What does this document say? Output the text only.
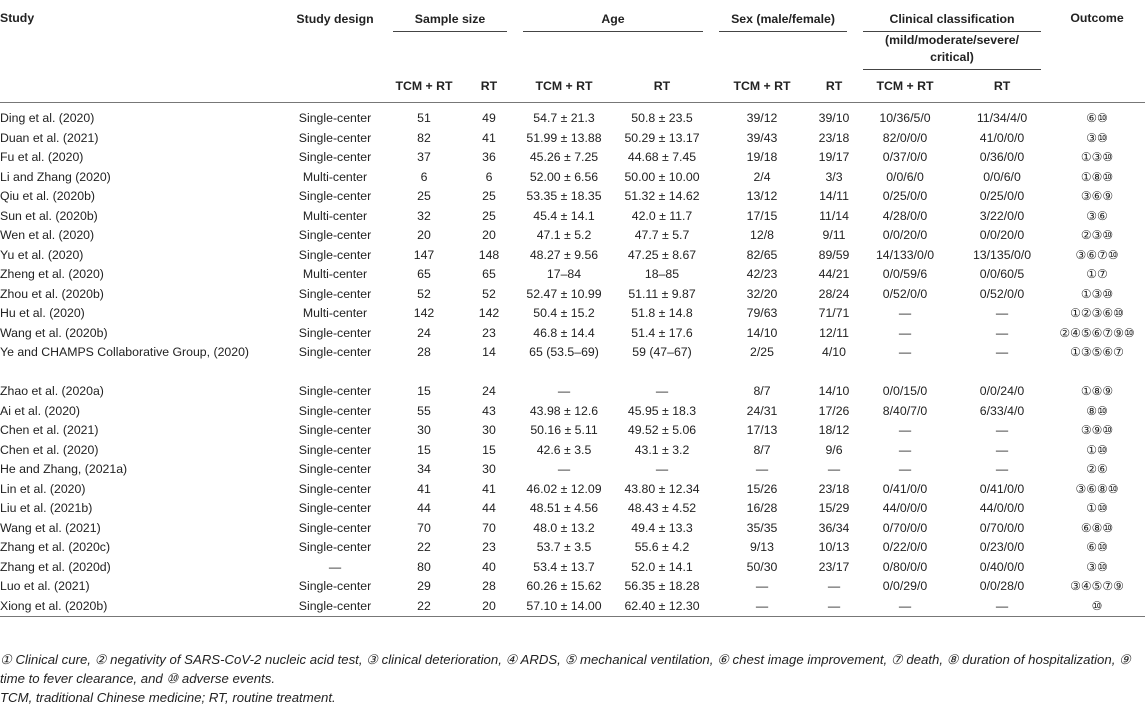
Study	Study design	Sample size		Age		Sex (male/female)		Clinical classification
(mild/moderate/severe/ critical)		Outcome
		TCM + RT	RT	TCM + RT	RT	TCM + RT	RT	TCM + RT	RT	
Ding et al. (2020)	Single-center	51	49	54.7 ± 21.3	50.8 ± 23.5	39/12	39/10	10/36/5/0	11/34/4/0	⑥⑩
Duan et al. (2021)	Single-center	82	41	51.99 ± 13.88	50.29 ± 13.17	39/43	23/18	82/0/0/0	41/0/0/0	③⑩
Fu et al. (2020)	Single-center	37	36	45.26 ± 7.25	44.68 ± 7.45	19/18	19/17	0/37/0/0	0/36/0/0	①③⑩
Li and Zhang (2020)	Multi-center	6	6	52.00 ± 6.56	50.00 ± 10.00	2/4	3/3	0/0/6/0	0/0/6/0	①⑧⑩
Qiu et al. (2020b)	Single-center	25	25	53.35 ± 18.35	51.32 ± 14.62	13/12	14/11	0/25/0/0	0/25/0/0	③⑥⑨
Sun et al. (2020b)	Multi-center	32	25	45.4 ± 14.1	42.0 ± 11.7	17/15	11/14	4/28/0/0	3/22/0/0	③⑥
Wen et al. (2020)	Single-center	20	20	47.1 ± 5.2	47.7 ± 5.7	12/8	9/11	0/0/20/0	0/0/20/0	②③⑩
Yu et al. (2020)	Single-center	147	148	48.27 ± 9.56	47.25 ± 8.67	82/65	89/59	14/133/0/0	13/135/0/0	③⑥⑦⑩
Zheng et al. (2020)	Multi-center	65	65	17–84	18–85	42/23	44/21	0/0/59/6	0/0/60/5	①⑦
Zhou et al. (2020b)	Single-center	52	52	52.47 ± 10.99	51.11 ± 9.87	32/20	28/24	0/52/0/0	0/52/0/0	①③⑩
Hu et al. (2020)	Multi-center	142	142	50.4 ± 15.2	51.8 ± 14.8	79/63	71/71	—	—	①②③⑥⑩
Wang et al. (2020b)	Single-center	24	23	46.8 ± 14.4	51.4 ± 17.6	14/10	12/11	—	—	②④⑤⑥⑦⑨⑩
Ye and CHAMPS Collaborative Group, (2020)	Single-center	28	14	65 (53.5–69)	59 (47–67)	2/25	4/10	—	—	①③⑤⑥⑦
Zhao et al. (2020a)	Single-center	15	24	—	—	8/7	14/10	0/0/15/0	0/0/24/0	①⑧⑨
Ai et al. (2020)	Single-center	55	43	43.98 ± 12.6	45.95 ± 18.3	24/31	17/26	8/40/7/0	6/33/4/0	⑧⑩
Chen et al. (2021)	Single-center	30	30	50.16 ± 5.11	49.52 ± 5.06	17/13	18/12	—	—	③⑨⑩
Chen et al. (2020)	Single-center	15	15	42.6 ± 3.5	43.1 ± 3.2	8/7	9/6	—	—	①⑩
He and Zhang, (2021a)	Single-center	34	30	—	—	—	—	—	—	②⑥
Lin et al. (2020)	Single-center	41	41	46.02 ± 12.09	43.80 ± 12.34	15/26	23/18	0/41/0/0	0/41/0/0	③⑥⑧⑩
Liu et al. (2021b)	Single-center	44	44	48.51 ± 4.56	48.43 ± 4.52	16/28	15/29	44/0/0/0	44/0/0/0	①⑩
Wang et al. (2021)	Single-center	70	70	48.0 ± 13.2	49.4 ± 13.3	35/35	36/34	0/70/0/0	0/70/0/0	⑥⑧⑩
Zhang et al. (2020c)	Single-center	22	23	53.7 ± 3.5	55.6 ± 4.2	9/13	10/13	0/22/0/0	0/23/0/0	⑥⑩
Zhang et al. (2020d)	—	80	40	53.4 ± 13.7	52.0 ± 14.1	50/30	23/17	0/80/0/0	0/40/0/0	③⑩
Luo et al. (2021)	Single-center	29	28	60.26 ± 15.62	56.35 ± 18.28	—	—	0/0/29/0	0/0/28/0	③④⑤⑦⑨
Xiong et al. (2020b)	Single-center	22	20	57.10 ± 14.00	62.40 ± 12.30	—	—	—	—	⑩

① Clinical cure, ② negativity of SARS-CoV-2 nucleic acid test, ③ clinical deterioration, ④ ARDS, ⑤ mechanical ventilation, ⑥ chest image improvement, ⑦ death, ⑧ duration of hospitalization, ⑨ time to fever clearance, and ⑩ adverse events.

TCM, traditional Chinese medicine; RT, routine treatment.
